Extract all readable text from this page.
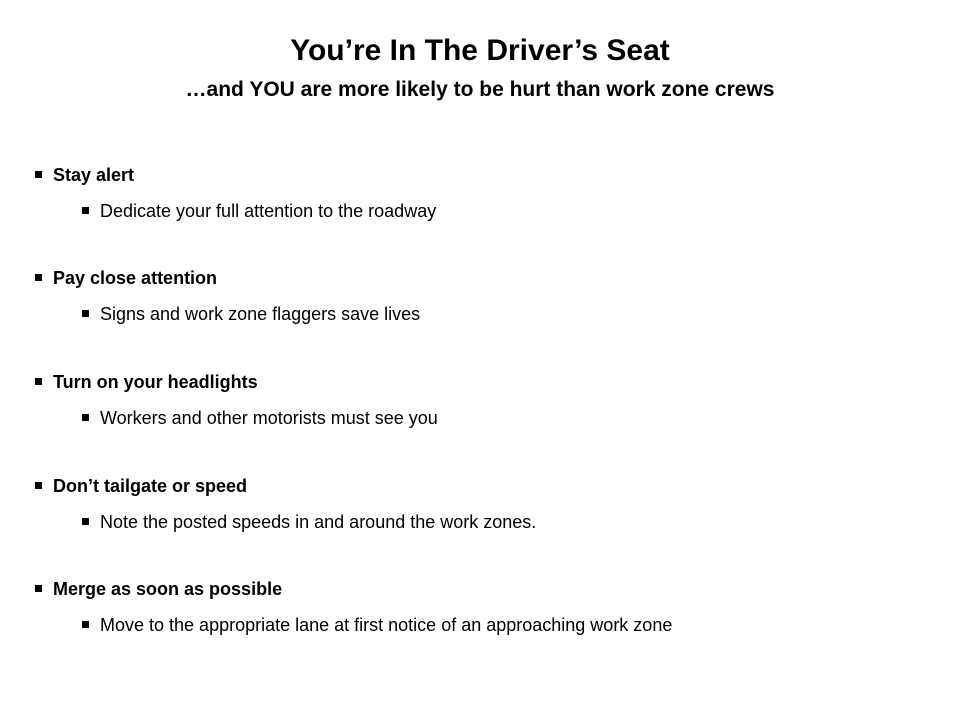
You’re In The Driver’s Seat
…and YOU are more likely to be hurt than work zone crews
Stay alert
Dedicate your full attention to the roadway
Pay close attention
Signs and work zone flaggers save lives
Turn on your headlights
Workers and other motorists must see you
Don’t tailgate or speed
Note the posted speeds in and around the work zones.
Merge as soon as possible
Move to the appropriate lane at first notice of an approaching work zone
